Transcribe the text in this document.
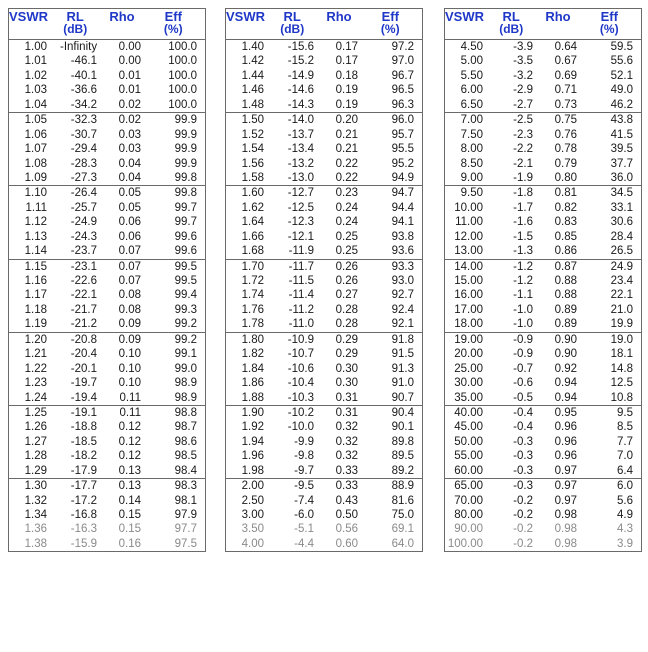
VSWR RL
(dB)
Rho Eff
(%)
1.00	-Infinity	0.00	100.0
1.01	-46.1	0.00	100.0
1.02	-40.1	0.01	100.0
1.03	-36.6	0.01	100.0
1.04	-34.2	0.02	100.0
1.05	-32.3	0.02	99.9
1.06	-30.7	0.03	99.9
1.07	-29.4	0.03	99.9
1.08	-28.3	0.04	99.9
1.09	-27.3	0.04	99.8
1.10	-26.4	0.05	99.8
1.11	-25.7	0.05	99.7
1.12	-24.9	0.06	99.7
1.13	-24.3	0.06	99.6
1.14	-23.7	0.07	99.6
1.15	-23.1	0.07	99.5
1.16	-22.6	0.07	99.5
1.17	-22.1	0.08	99.4
1.18	-21.7	0.08	99.3
1.19	-21.2	0.09	99.2
1.20	-20.8	0.09	99.2
1.21	-20.4	0.10	99.1
1.22	-20.1	0.10	99.0
1.23	-19.7	0.10	98.9
1.24	-19.4	0.11	98.9
1.25	-19.1	0.11	98.8
1.26	-18.8	0.12	98.7
1.27	-18.5	0.12	98.6
1.28	-18.2	0.12	98.5
1.29	-17.9	0.13	98.4
1.30	-17.7	0.13	98.3
1.32	-17.2	0.14	98.1
1.34	-16.8	0.15	97.9
1.36	-16.3	0.15	97.7
1.38	-15.9	0.16	97.5
VSWR RL
(dB)
Rho Eff
(%)
1.40	-15.6	0.17	97.2
1.42	-15.2	0.17	97.0
1.44	-14.9	0.18	96.7
1.46	-14.6	0.19	96.5
1.48	-14.3	0.19	96.3
1.50	-14.0	0.20	96.0
1.52	-13.7	0.21	95.7
1.54	-13.4	0.21	95.5
1.56	-13.2	0.22	95.2
1.58	-13.0	0.22	94.9
1.60	-12.7	0.23	94.7
1.62	-12.5	0.24	94.4
1.64	-12.3	0.24	94.1
1.66	-12.1	0.25	93.8
1.68	-11.9	0.25	93.6
1.70	-11.7	0.26	93.3
1.72	-11.5	0.26	93.0
1.74	-11.4	0.27	92.7
1.76	-11.2	0.28	92.4
1.78	-11.0	0.28	92.1
1.80	-10.9	0.29	91.8
1.82	-10.7	0.29	91.5
1.84	-10.6	0.30	91.3
1.86	-10.4	0.30	91.0
1.88	-10.3	0.31	90.7
1.90	-10.2	0.31	90.4
1.92	-10.0	0.32	90.1
1.94	-9.9	0.32	89.8
1.96	-9.8	0.32	89.5
1.98	-9.7	0.33	89.2
2.00	-9.5	0.33	88.9
2.50	-7.4	0.43	81.6
3.00	-6.0	0.50	75.0
3.50	-5.1	0.56	69.1
4.00	-4.4	0.60	64.0
VSWR RL
(dB)
Rho Eff
(%)
4.50	-3.9	0.64	59.5
5.00	-3.5	0.67	55.6
5.50	-3.2	0.69	52.1
6.00	-2.9	0.71	49.0
6.50	-2.7	0.73	46.2
7.00	-2.5	0.75	43.8
7.50	-2.3	0.76	41.5
8.00	-2.2	0.78	39.5
8.50	-2.1	0.79	37.7
9.00	-1.9	0.80	36.0
9.50	-1.8	0.81	34.5
10.00	-1.7	0.82	33.1
11.00	-1.6	0.83	30.6
12.00	-1.5	0.85	28.4
13.00	-1.3	0.86	26.5
14.00	-1.2	0.87	24.9
15.00	-1.2	0.88	23.4
16.00	-1.1	0.88	22.1
17.00	-1.0	0.89	21.0
18.00	-1.0	0.89	19.9
19.00	-0.9	0.90	19.0
20.00	-0.9	0.90	18.1
25.00	-0.7	0.92	14.8
30.00	-0.6	0.94	12.5
35.00	-0.5	0.94	10.8
40.00	-0.4	0.95	9.5
45.00	-0.4	0.96	8.5
50.00	-0.3	0.96	7.7
55.00	-0.3	0.96	7.0
60.00	-0.3	0.97	6.4
65.00	-0.3	0.97	6.0
70.00	-0.2	0.97	5.6
80.00	-0.2	0.98	4.9
90.00	-0.2	0.98	4.3
100.00	-0.2	0.98	3.9
